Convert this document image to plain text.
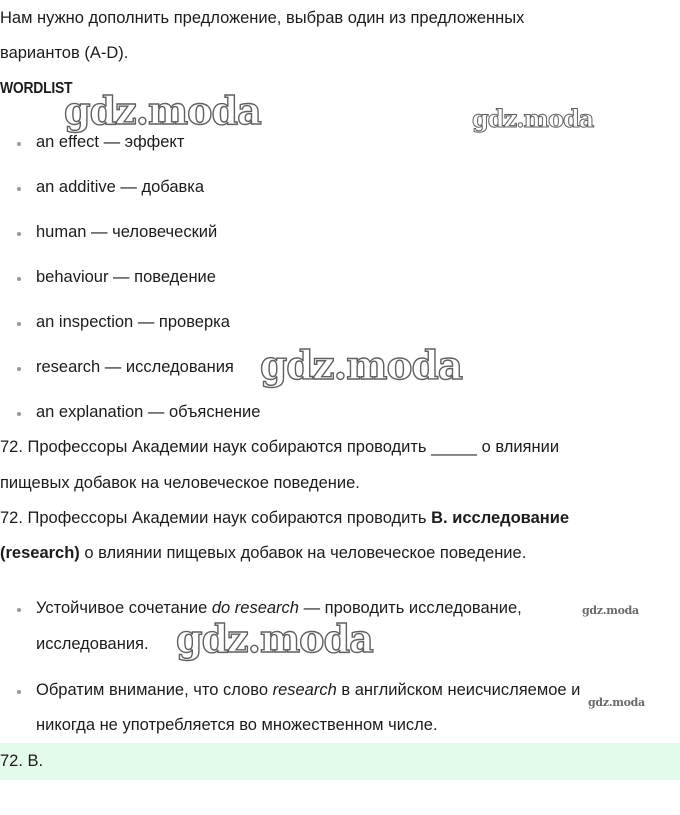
Нам нужно дополнить предложение, выбрав один из предложенных
вариантов (A-D).
WORDLIST
an effect — эффект
an additive — добавка
human — человеческий
behaviour — поведение
an inspection — проверка
research — исследования
an explanation — объяснение
72. Профессоры Академии наук собираются проводить _____ о влиянии
пищевых добавок на человеческое поведение.
72. Профессоры Академии наук собираются проводить B. исследование
(research) о влиянии пищевых добавок на человеческое поведение.
Устойчивое сочетание do research — проводить исследование,
исследования.
Обратим внимание, что слово research в английском неисчисляемое и
никогда не употребляется во множественном числе.
72. B.
gdz.moda	gdz.moda
gdz.moda
gdz.moda
gdz.moda
gdz.moda
